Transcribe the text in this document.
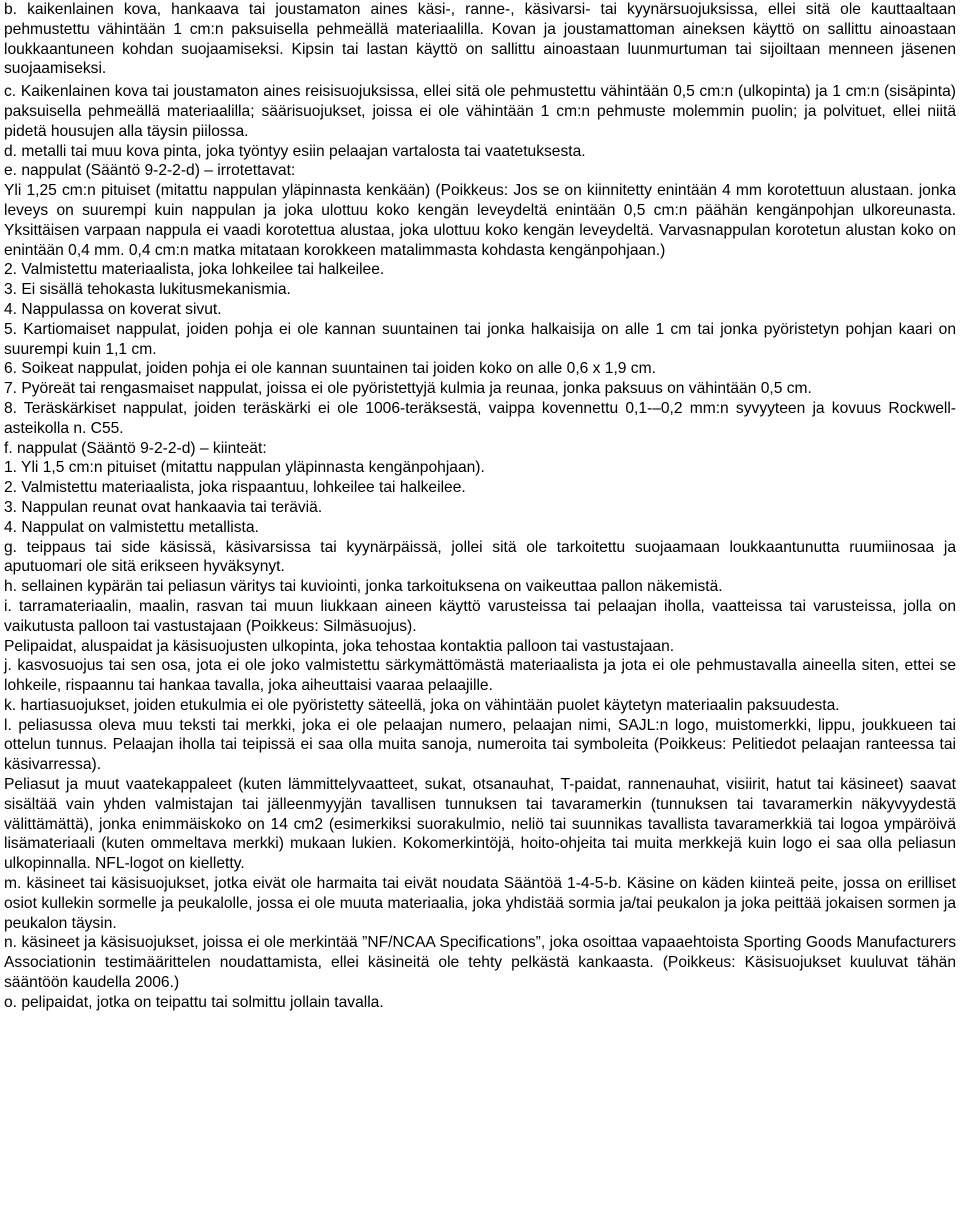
b. kaikenlainen kova, hankaava tai joustamaton aines käsi-, ranne-, käsivarsi- tai kyynärsuojuksissa, ellei sitä ole kauttaaltaan pehmustettu vähintään 1 cm:n paksuisella pehmeällä materiaalilla. Kovan ja joustamattoman aineksen käyttö on sallittu ainoastaan loukkaantuneen kohdan suojaamiseksi. Kipsin tai lastan käyttö on sallittu ainoastaan luunmurtuman tai sijoiltaan menneen jäsenen suojaamiseksi.

c. Kaikenlainen kova tai joustamaton aines reisisuojuksissa, ellei sitä ole pehmustettu vähintään 0,5 cm:n (ulkopinta) ja 1 cm:n (sisäpinta) paksuisella pehmeällä materiaalilla; säärisuojukset, joissa ei ole vähintään 1 cm:n pehmuste molemmin puolin; ja polvituet, ellei niitä pidetä housujen alla täysin piilossa.

d. metalli tai muu kova pinta, joka työntyy esiin pelaajan vartalosta tai vaatetuksesta.

e. nappulat (Sääntö 9-2-2-d) – irrotettavat:

Yli 1,25 cm:n pituiset (mitattu nappulan yläpinnasta kenkään) (Poikkeus: Jos se on kiinnitetty enintään 4 mm korotettuun alustaan. jonka leveys on suurempi kuin nappulan ja joka ulottuu koko kengän leveydeltä enintään 0,5 cm:n päähän kengänpohjan ulkoreunasta. Yksittäisen varpaan nappula ei vaadi korotettua alustaa, joka ulottuu koko kengän leveydeltä. Varvasnappulan korotetun alustan koko on enintään 0,4 mm. 0,4 cm:n matka mitataan korokkeen matalimmasta kohdasta kengänpohjaan.)

2. Valmistettu materiaalista, joka lohkeilee tai halkeilee.

3. Ei sisällä tehokasta lukitusmekanismia.

4. Nappulassa on koverat sivut.

5. Kartiomaiset nappulat, joiden pohja ei ole kannan suuntainen tai jonka halkaisija on alle 1 cm tai jonka pyöristetyn pohjan kaari on suurempi kuin 1,1 cm.

6. Soikeat nappulat, joiden pohja ei ole kannan suuntainen tai joiden koko on alle 0,6 x 1,9 cm.

7. Pyöreät tai rengasmaiset nappulat, joissa ei ole pyöristettyjä kulmia ja reunaa, jonka paksuus on vähintään 0,5 cm.

8. Teräskärkiset nappulat, joiden teräskärki ei ole 1006-teräksestä, vaippa kovennettu 0,1-–0,2 mm:n syvyyteen ja kovuus Rockwell-asteikolla n. C55.

f. nappulat (Sääntö 9-2-2-d) – kiinteät:

1. Yli 1,5 cm:n pituiset (mitattu nappulan yläpinnasta kengänpohjaan).

2. Valmistettu materiaalista, joka rispaantuu, lohkeilee tai halkeilee.

3. Nappulan reunat ovat hankaavia tai teräviä.

4. Nappulat on valmistettu metallista.

g. teippaus tai side käsissä, käsivarsissa tai kyynärpäissä, jollei sitä ole tarkoitettu suojaamaan loukkaantunutta ruumiinosaa ja aputuomari ole sitä erikseen hyväksynyt.

h. sellainen kypärän tai peliasun väritys tai kuviointi, jonka tarkoituksena on vaikeuttaa pallon näkemistä.

i. tarramateriaalin, maalin, rasvan tai muun liukkaan aineen käyttö varusteissa tai pelaajan iholla, vaatteissa tai varusteissa, jolla on vaikutusta palloon tai vastustajaan (Poikkeus: Silmäsuojus).

Pelipaidat, aluspaidat ja käsisuojusten ulkopinta, joka tehostaa kontaktia palloon tai vastustajaan.

j. kasvosuojus tai sen osa, jota ei ole joko valmistettu särkymättömästä materiaalista ja jota ei ole pehmustavalla aineella siten, ettei se lohkeile, rispaannu tai hankaa tavalla, joka aiheuttaisi vaaraa pelaajille.

k. hartiasuojukset, joiden etukulmia ei ole pyöristetty säteellä, joka on vähintään puolet käytetyn materiaalin paksuudesta.

l. peliasussa oleva muu teksti tai merkki, joka ei ole pelaajan numero, pelaajan nimi, SAJL:n logo, muistomerkki, lippu, joukkueen tai ottelun tunnus. Pelaajan iholla tai teipissä ei saa olla muita sanoja, numeroita tai symboleita (Poikkeus: Pelitiedot pelaajan ranteessa tai käsivarressa).

Peliasut ja muut vaatekappaleet (kuten lämmittelyvaatteet, sukat, otsanauhat, T-paidat, rannenauhat, visiirit, hatut tai käsineet) saavat sisältää vain yhden valmistajan tai jälleenmyyjän tavallisen tunnuksen tai tavaramerkin (tunnuksen tai tavaramerkin näkyvyydestä välittämättä), jonka enimmäiskoko on 14 cm2 (esimerkiksi suorakulmio, neliö tai suunnikas tavallista tavaramerkkiä tai logoa ympäröivä lisämateriaali (kuten ommeltava merkki) mukaan lukien. Kokomerkintöjä, hoito-ohjeita tai muita merkkejä kuin logo ei saa olla peliasun ulkopinnalla. NFL-logot on kielletty.

m. käsineet tai käsisuojukset, jotka eivät ole harmaita tai eivät noudata Sääntöä 1-4-5-b. Käsine on käden kiinteä peite, jossa on erilliset osiot kullekin sormelle ja peukalolle, jossa ei ole muuta materiaalia, joka yhdistää sormia ja/tai peukalon ja joka peittää jokaisen sormen ja peukalon täysin.

n. käsineet ja käsisuojukset, joissa ei ole merkintää ”NF/NCAA Specifications”, joka osoittaa vapaaehtoista Sporting Goods Manufacturers Associationin testimäärittelen noudattamista, ellei käsineitä ole tehty pelkästä kankaasta. (Poikkeus: Käsisuojukset kuuluvat tähän sääntöön kaudella 2006.)

o. pelipaidat, jotka on teipattu tai solmittu jollain tavalla.
